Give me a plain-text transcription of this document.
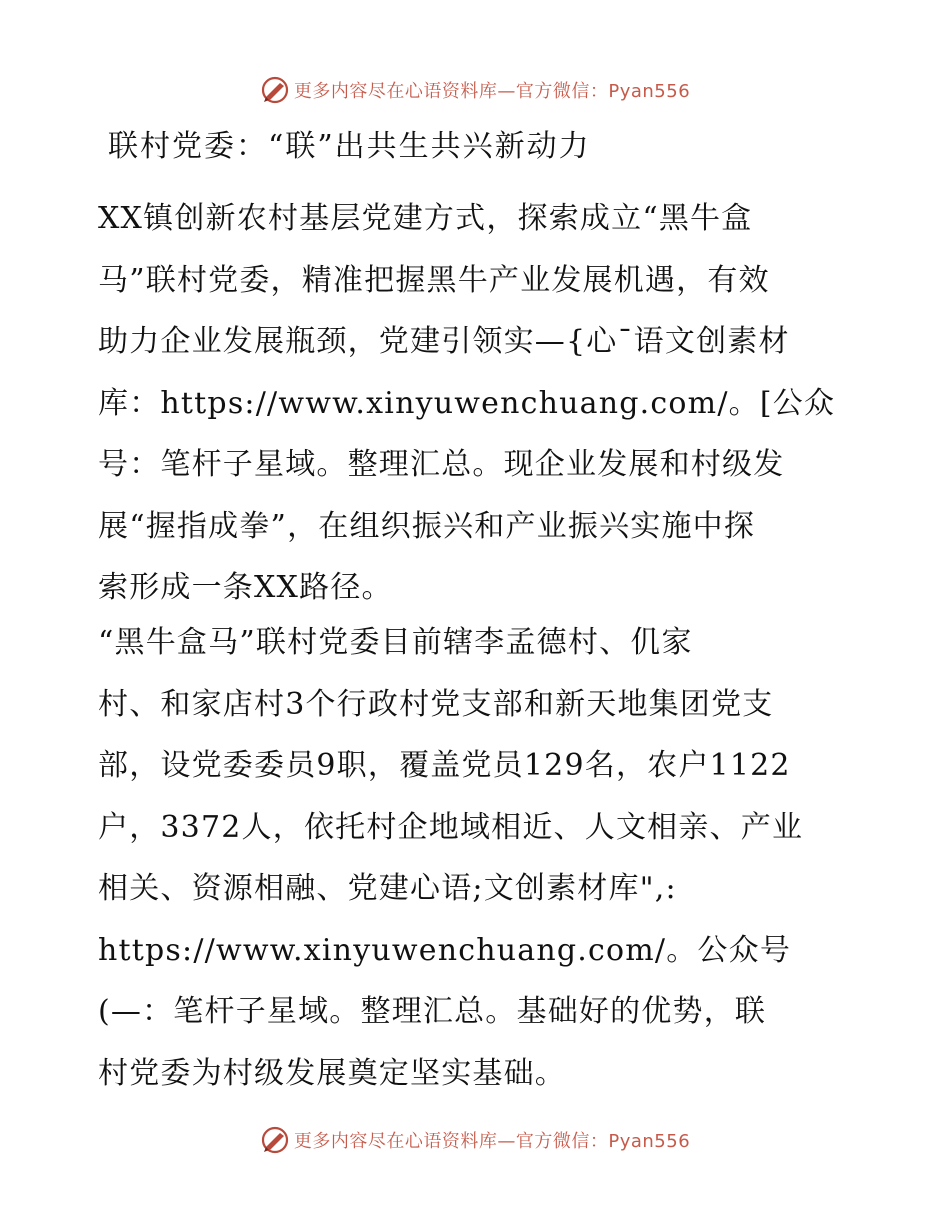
更多内容尽在心语资料库—官方微信：Pyan556
联村党委：“联”出共生共兴新动力
XX镇创新农村基层党建方式，探索成立“黑牛盒
马”联村党委，精准把握黑牛产业发展机遇，有效
助力企业发展瓶颈，党建引领实—{心¯语文创素材
库：https://www.xinyuwenchuang.com/。[公众
号：笔杆子星域。整理汇总。现企业发展和村级发
展“握指成拳”，在组织振兴和产业振兴实施中探
索形成一条XX路径。
“黑牛盒马”联村党委目前辖李孟德村、仉家
村、和家店村3个行政村党支部和新天地集团党支
部，设党委委员9职，覆盖党员129名，农户1122
户，3372人，依托村企地域相近、人文相亲、产业
相关、资源相融、党建心语;文创素材库",:
https://www.xinyuwenchuang.com/。公众号
(—：笔杆子星域。整理汇总。基础好的优势，联
村党委为村级发展奠定坚实基础。
更多内容尽在心语资料库—官方微信：Pyan556
